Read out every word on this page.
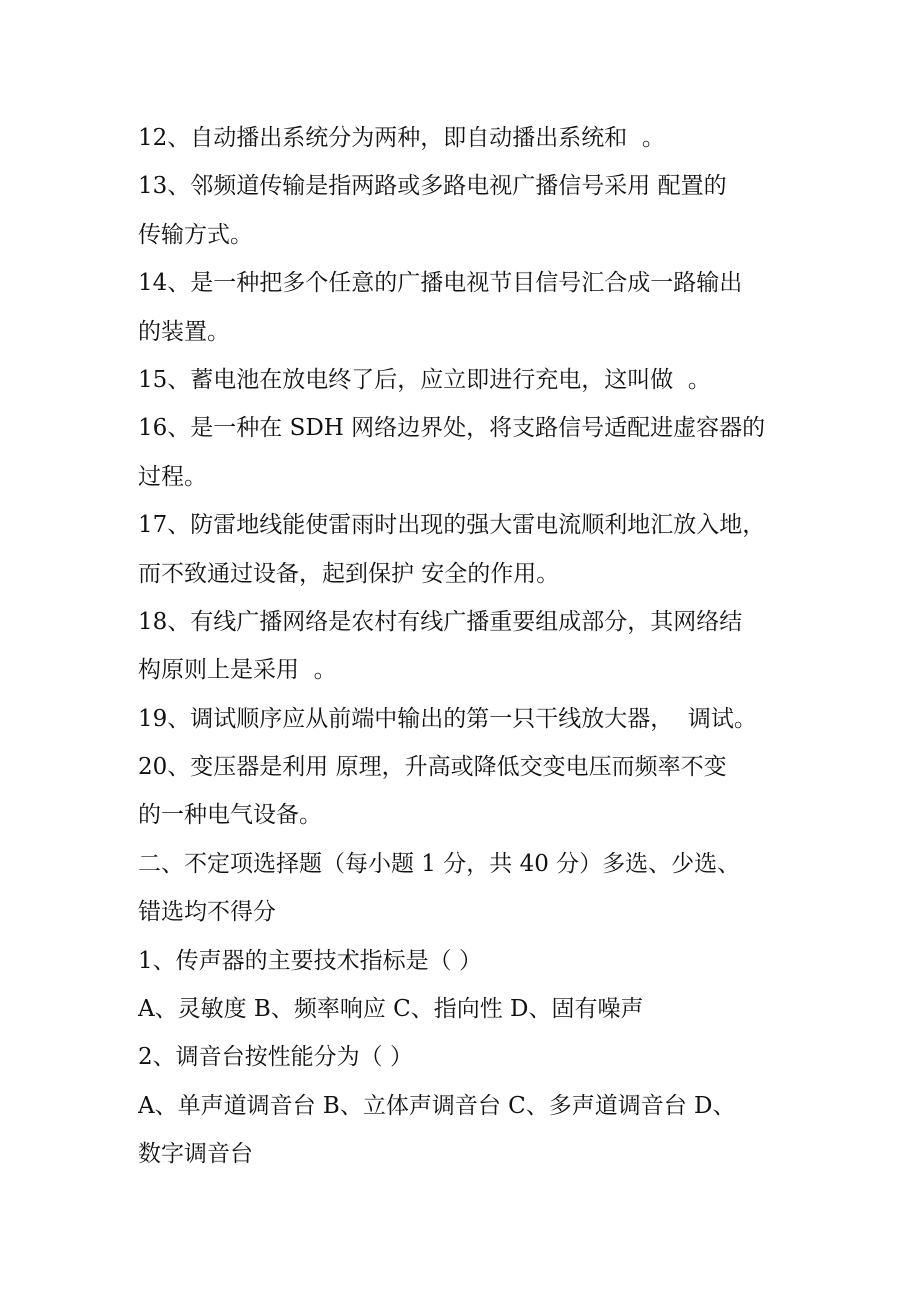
12、自动播出系统分为两种，即自动播出系统和  。
13、邻频道传输是指两路或多路电视广播信号采用 配置的
传输方式。
14、是一种把多个任意的广播电视节目信号汇合成一路输出
的装置。
15、蓄电池在放电终了后，应立即进行充电，这叫做  。
16、是一种在 SDH 网络边界处，将支路信号适配进虚容器的
过程。
17、防雷地线能使雷雨时出现的强大雷电流顺利地汇放入地，
而不致通过设备，起到保护 安全的作用。
18、有线广播网络是农村有线广播重要组成部分，其网络结
构原则上是采用  。
19、调试顺序应从前端中输出的第一只干线放大器，  调试。
20、变压器是利用 原理，升高或降低交变电压而频率不变
的一种电气设备。
二、不定项选择题（每小题 1 分，共 40 分）多选、少选、
错选均不得分
1、传声器的主要技术指标是（ ）
A、灵敏度 B、频率响应 C、指向性 D、固有噪声
2、调音台按性能分为（ ）
A、单声道调音台 B、立体声调音台 C、多声道调音台 D、
数字调音台
